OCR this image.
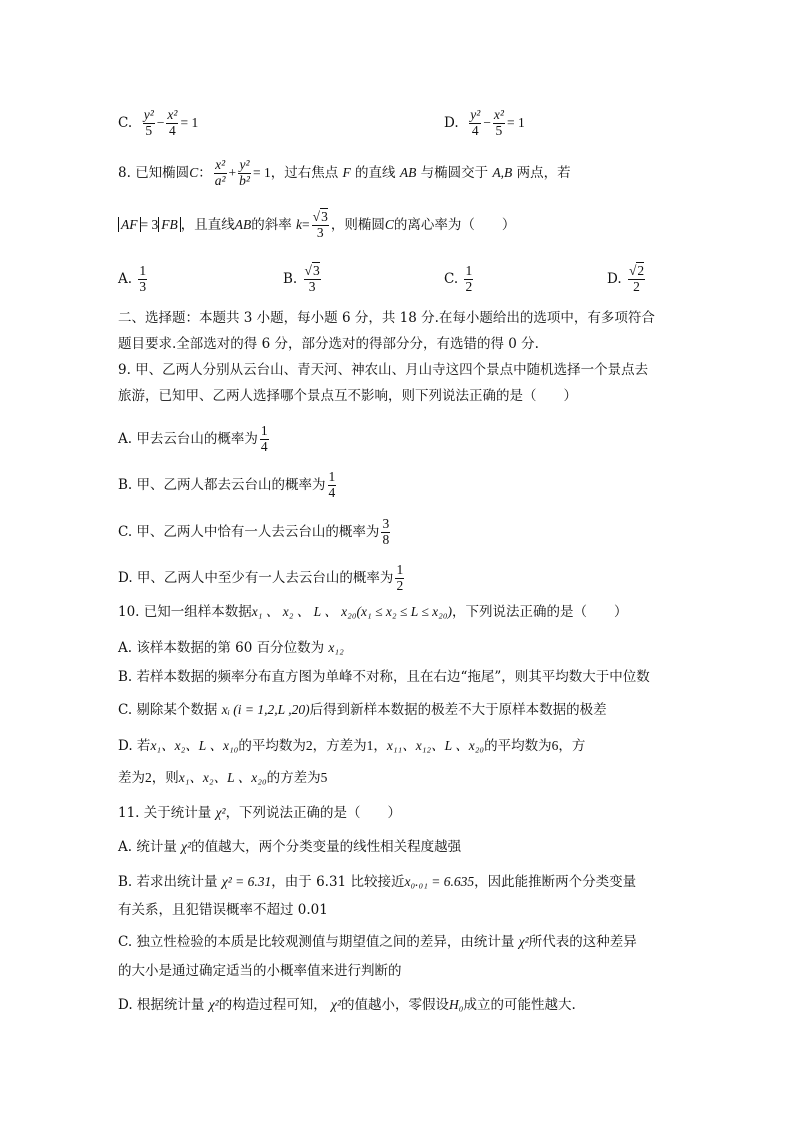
C. $\frac{\text{y²}}{5} - \frac{\text{x²}}{4} = 1$	D. $\frac{\text{y²}}{4} - \frac{\text{x²}}{5} = 1$
8. 已知椭圆C： $\frac{\text{x²}}{\text{a²}} + \frac{\text{y²}}{\text{b²}} = 1$，过右焦点 F 的直线 AB 与椭圆交于 A,B 两点，若
AF = 3 FB ，且直线AB的斜率 $k= \frac{√3}{3}$ ，则椭圆C的离心率为（　　）
A. $\frac{1}{3}$	B. $\frac{√3}{3}$	C. $\frac{1}{2}$	D. $\frac{√2}{2}$
二、选择题：本题共 3 小题，每小题 6 分，共 18 分.在每小题给出的选项中，有多项符合
题目要求.全部选对的得 6 分，部分选对的得部分分，有选错的得 0 分.
9. 甲、乙两人分别从云台山、青天河、神农山、月山寺这四个景点中随机选择一个景点去
旅游，已知甲、乙两人选择哪个景点互不影响，则下列说法正确的是（　　）
A. 甲去云台山的概率为 $\frac{1}{4}$
B. 甲、乙两人都去云台山的概率为 $\frac{1}{4}$
C. 甲、乙两人中恰有一人去云台山的概率为 $\frac{3}{8}$
D. 甲、乙两人中至少有一人去云台山的概率为 $\frac{1}{2}$
10. 已知一组样本数据x₁ 、 x₂ 、 L 、 x₂₀(x₁ ≤ x₂ ≤ L ≤ x₂₀)，下列说法正确的是（　　）
A. 该样本数据的第 60 百分位数为 x₁₂
B. 若样本数据的频率分布直方图为单峰不对称，且在右边“拖尾”，则其平均数大于中位数
C. 剔除某个数据 xᵢ (i = 1,2,L ,20)后得到新样本数据的极差不大于原样本数据的极差
D. 若x₁、x₂、L 、x₁₀的平均数为2，方差为1，x₁₁、x₁₂、L 、x₂₀的平均数为6，方
差为2，则x₁、x₂、L 、x₂₀的方差为5
11. 关于统计量 χ²，下列说法正确的是（　　）
A. 统计量 χ²的值越大，两个分类变量的线性相关程度越强
B. 若求出统计量 χ² = 6.31，由于 6.31 比较接近x₀.₀₁ = 6.635，因此能推断两个分类变量
有关系，且犯错误概率不超过 0.01
C. 独立性检验的本质是比较观测值与期望值之间的差异，由统计量 χ²所代表的这种差异
的大小是通过确定适当的小概率值来进行判断的
D. 根据统计量 χ²的构造过程可知， χ²的值越小，零假设H₀成立的可能性越大.
